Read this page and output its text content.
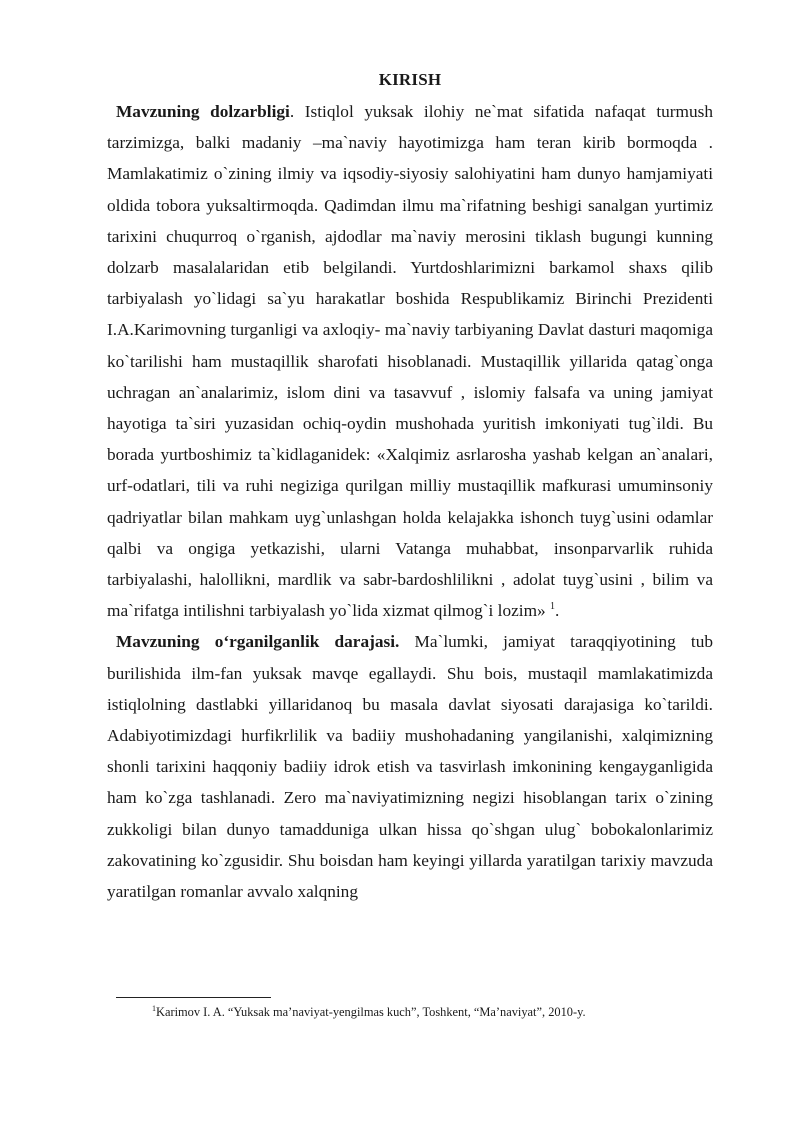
KIRISH

Mavzuning dolzarbligi. Istiqlol yuksak ilohiy ne`mat sifatida nafaqat turmush tarzimizga, balki madaniy –ma`naviy hayotimizga ham teran kirib bormoqda . Mamlakatimiz o`zining ilmiy va iqsodiy-siyosiy salohiyatini ham dunyo hamjamiyati oldida tobora yuksaltirmoqda. Qadimdan ilmu ma`rifatning beshigi sanalgan yurtimiz tarixini chuqurroq o`rganish, ajdodlar ma`naviy merosini tiklash bugungi kunning dolzarb masalalaridan etib belgilandi. Yurtdoshlarimizni barkamol shaxs qilib tarbiyalash yo`lidagi sa`yu harakatlar boshida Respublikamiz Birinchi Prezidenti I.A.Karimovning turganligi va axloqiy- ma`naviy tarbiyaning Davlat dasturi maqomiga ko`tarilishi ham mustaqillik sharofati hisoblanadi. Mustaqillik yillarida qatag`onga uchragan an`analarimiz, islom dini va tasavvuf , islomiy falsafa va uning jamiyat hayotiga ta`siri yuzasidan ochiq-oydin mushohada yuritish imkoniyati tug`ildi. Bu borada yurtboshimiz ta`kidlaganidek: «Xalqimiz asrlarosha yashab kelgan an`analari, urf-odatlari, tili va ruhi negiziga qurilgan milliy mustaqillik mafkurasi umuminsoniy qadriyatlar bilan mahkam uyg`unlashgan holda kelajakka ishonch tuyg`usini odamlar qalbi va ongiga yetkazishi, ularni Vatanga muhabbat, insonparvarlik ruhida tarbiyalashi, halollikni, mardlik va sabr-bardoshlilikni , adolat tuyg`usini , bilim va ma`rifatga intilishni tarbiyalash yo`lida xizmat qilmog`i lozim» $^1$.

Mavzuning o‘rganilganlik darajasi. Ma`lumki, jamiyat taraqqiyotining tub burilishida ilm-fan yuksak mavqe egallaydi. Shu bois, mustaqil mamlakatimizda istiqlolning dastlabki yillaridanoq bu masala davlat siyosati darajasiga ko`tarildi. Adabiyotimizdagi hurfikrlilik va badiiy mushohadaning yangilanishi, xalqimizning shonli tarixini haqqoniy badiiy idrok etish va tasvirlash imkonining kengayganligida ham ko`zga tashlanadi. Zero ma`naviyatimizning negizi hisoblangan tarix o`zining zukkoligi bilan dunyo tamadduniga ulkan hissa qo`shgan ulug` bobokalonlarimiz zakovatining ko`zgusidir. Shu boisdan ham keyingi yillarda yaratilgan tarixiy mavzuda yaratilgan romanlar avvalo xalqning

$^1$Karimov I. A. “Yuksak ma’naviyat-yengilmas kuch”, Toshkent, “Ma’naviyat”, 2010-y.
